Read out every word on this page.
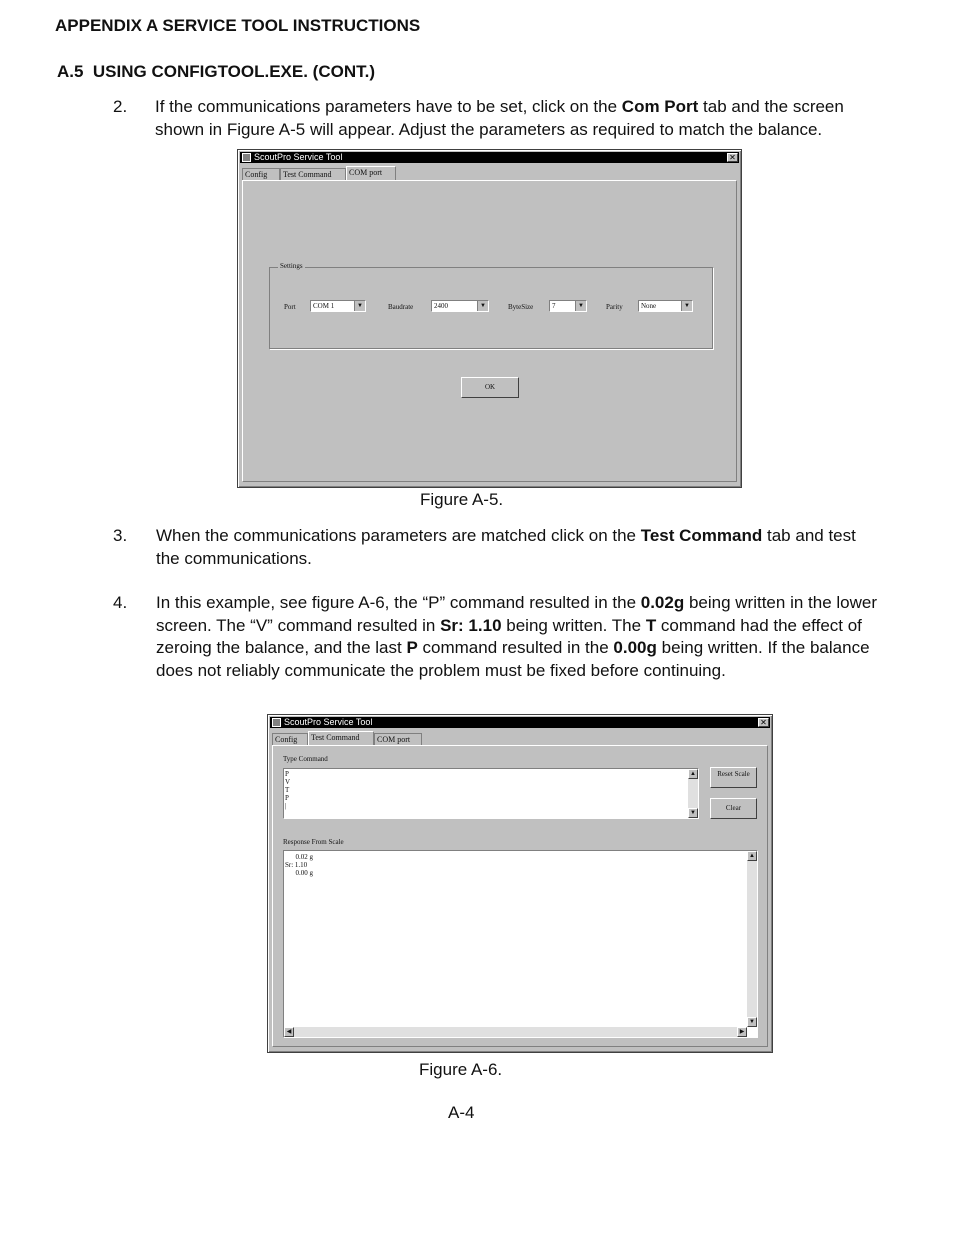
APPENDIX A SERVICE TOOL INSTRUCTIONS
A.5  USING CONFIGTOOL.EXE. (CONT.)
2. If the communications parameters have to be set, click on the Com Port tab and the screen shown in Figure A-5 will appear. Adjust the parameters as required to match the balance.
ScoutPro Service Tool	✕
Config	Test Command	COM port
Settings
Port	COM 1	▼	Baudrate	2400	▼	ByteSize	7	▼	Parity	None	▼
OK
Figure A-5.
3. When the communications parameters are matched click on the Test Command tab and test the communications.
4. In this example, see figure A-6, the “P” command resulted in the 0.02g being written in the lower screen. The “V” command resulted in Sr: 1.10 being written. The T command had the effect of zeroing the balance, and the last P command resulted in the 0.00g being written. If the balance does not reliably communicate the problem must be fixed before continuing.
ScoutPro Service Tool	✕
Config	Test Command	COM port
Type Command
P
V
T
P
|
▲
▼
Reset Scale
Clear
Response From Scale
0.02 g
Sr: 1.10
0.00 g
▲
▼
◀	▶
Figure A-6.
A-4
